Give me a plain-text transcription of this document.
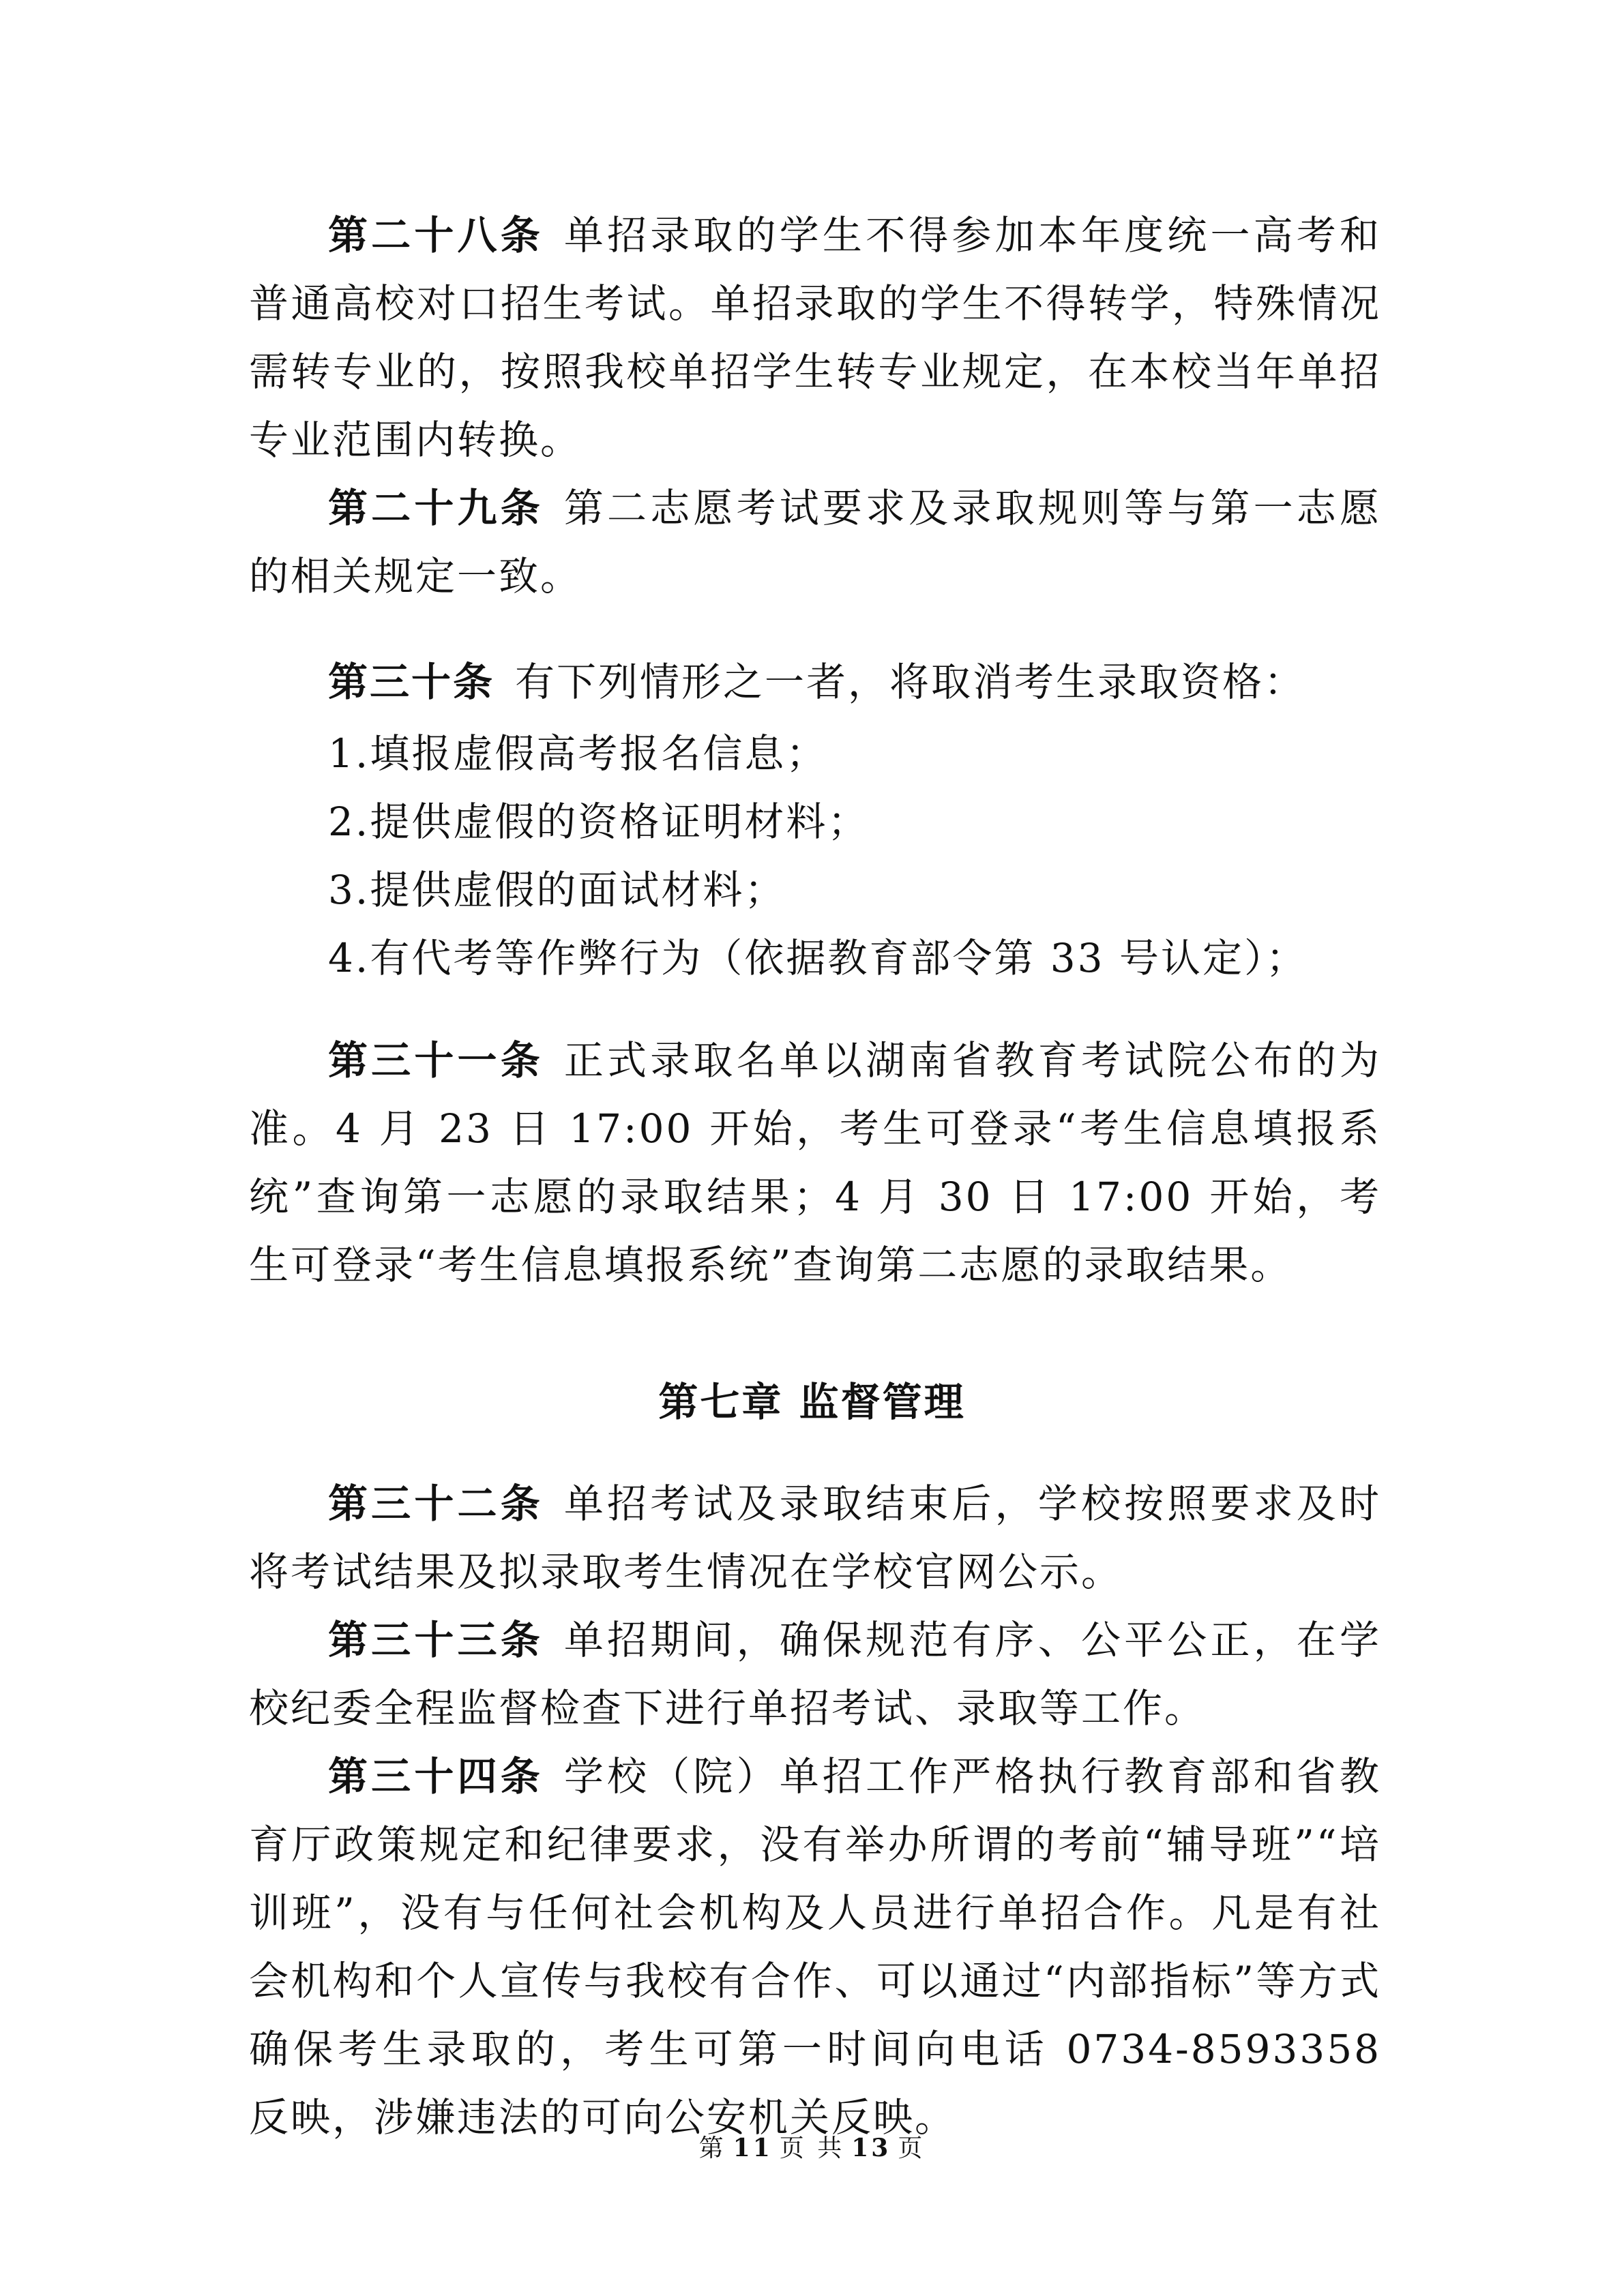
第二十八条 单招录取的学生不得参加本年度统一高考和普通高校对口招生考试。单招录取的学生不得转学，特殊情况需转专业的，按照我校单招学生转专业规定，在本校当年单招专业范围内转换。

第二十九条 第二志愿考试要求及录取规则等与第一志愿的相关规定一致。

第三十条 有下列情形之一者，将取消考生录取资格：

1.填报虚假高考报名信息；

2.提供虚假的资格证明材料；

3.提供虚假的面试材料；

4.有代考等作弊行为（依据教育部令第 33 号认定）；

第三十一条 正式录取名单以湖南省教育考试院公布的为准。4 月 23 日 17:00 开始，考生可登录“考生信息填报系统”查询第一志愿的录取结果；4 月 30 日 17:00 开始，考生可登录“考生信息填报系统”查询第二志愿的录取结果。

第七章 监督管理

第三十二条 单招考试及录取结束后，学校按照要求及时将考试结果及拟录取考生情况在学校官网公示。

第三十三条 单招期间，确保规范有序、公平公正，在学校纪委全程监督检查下进行单招考试、录取等工作。

第三十四条 学校（院）单招工作严格执行教育部和省教育厅政策规定和纪律要求，没有举办所谓的考前“辅导班”“培训班”，没有与任何社会机构及人员进行单招合作。凡是有社会机构和个人宣传与我校有合作、可以通过“内部指标”等方式确保考生录取的，考生可第一时间向电话 0734-8593358 反映，涉嫌违法的可向公安机关反映。

第 11 页 共 13 页
